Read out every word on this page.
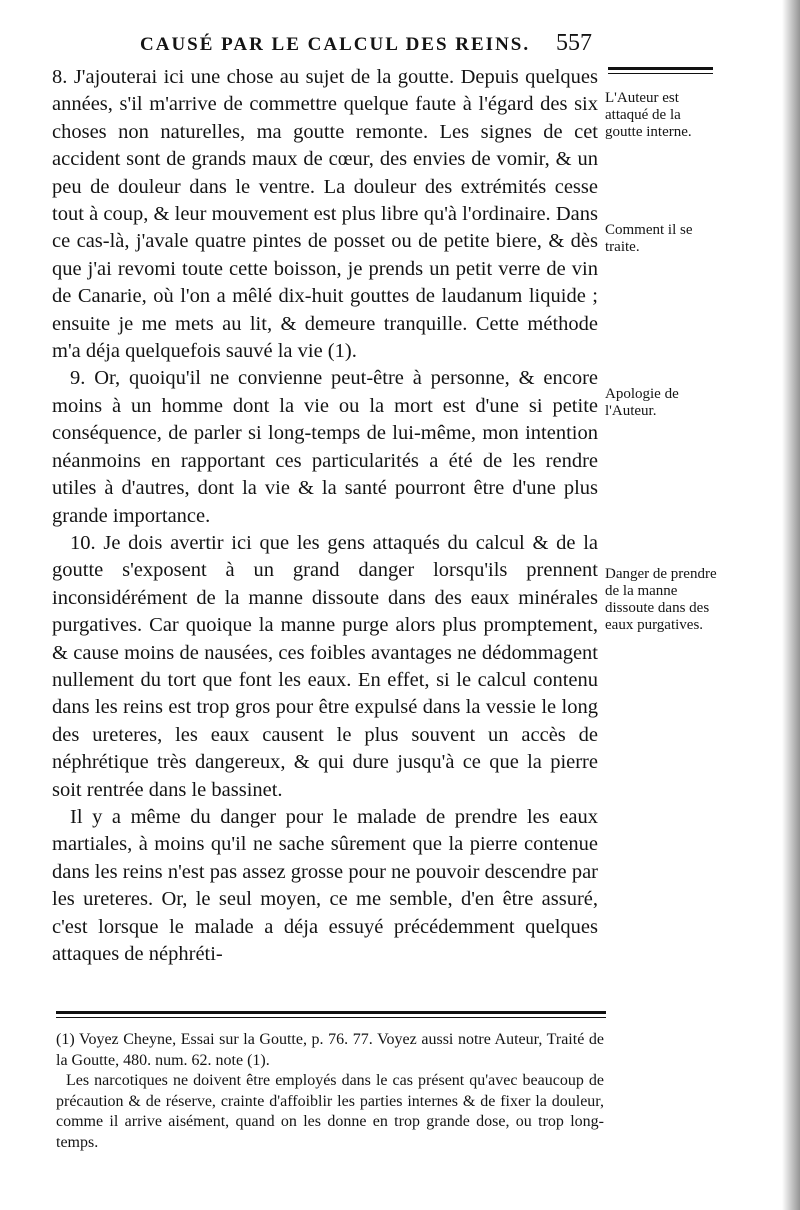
CAUSÉ PAR LE CALCUL DES REINS. 557

8. J'ajouterai ici une chose au sujet de la goutte. Depuis quelques années, s'il m'arrive de commettre quelque faute à l'égard des six choses non naturelles, ma goutte remonte. Les signes de cet accident sont de grands maux de cœur, des envies de vomir, & un peu de douleur dans le ventre. La douleur des extrémités cesse tout à coup, & leur mouvement est plus libre qu'à l'ordinaire. Dans ce cas-là, j'avale quatre pintes de posset ou de petite biere, & dès que j'ai revomi toute cette boisson, je prends un petit verre de vin de Canarie, où l'on a mêlé dix-huit gouttes de laudanum liquide ; ensuite je me mets au lit, & demeure tranquille. Cette méthode m'a déja quelquefois sauvé la vie (1).

9. Or, quoiqu'il ne convienne peut-être à personne, & encore moins à un homme dont la vie ou la mort est d'une si petite conséquence, de parler si long-temps de lui-même, mon intention néanmoins en rapportant ces particularités a été de les rendre utiles à d'autres, dont la vie & la santé pourront être d'une plus grande importance.

10. Je dois avertir ici que les gens attaqués du calcul & de la goutte s'exposent à un grand danger lorsqu'ils prennent inconsidérément de la manne dissoute dans des eaux minérales purgatives. Car quoique la manne purge alors plus promptement, & cause moins de nausées, ces foibles avantages ne dédommagent nullement du tort que font les eaux. En effet, si le calcul contenu dans les reins est trop gros pour être expulsé dans la vessie le long des ureteres, les eaux causent le plus souvent un accès de néphrétique très dangereux, & qui dure jusqu'à ce que la pierre soit rentrée dans le bassinet.

Il y a même du danger pour le malade de prendre les eaux martiales, à moins qu'il ne sache sûrement que la pierre contenue dans les reins n'est pas assez grosse pour ne pouvoir descendre par les ureteres. Or, le seul moyen, ce me semble, d'en être assuré, c'est lorsque le malade a déja essuyé précédemment quelques attaques de néphréti-

L'Auteur est attaqué de la goutte interne.
Comment il se traite.
Apologie de l'Auteur.
Danger de prendre de la manne dissoute dans des eaux purgatives.

(1) Voyez Cheyne, Essai sur la Goutte, p. 76. 77. Voyez aussi notre Auteur, Traité de la Goutte, 480. num. 62. note (1).

Les narcotiques ne doivent être employés dans le cas présent qu'avec beaucoup de précaution & de réserve, crainte d'affoiblir les parties internes & de fixer la douleur, comme il arrive aisément, quand on les donne en trop grande dose, ou trop long-temps.
